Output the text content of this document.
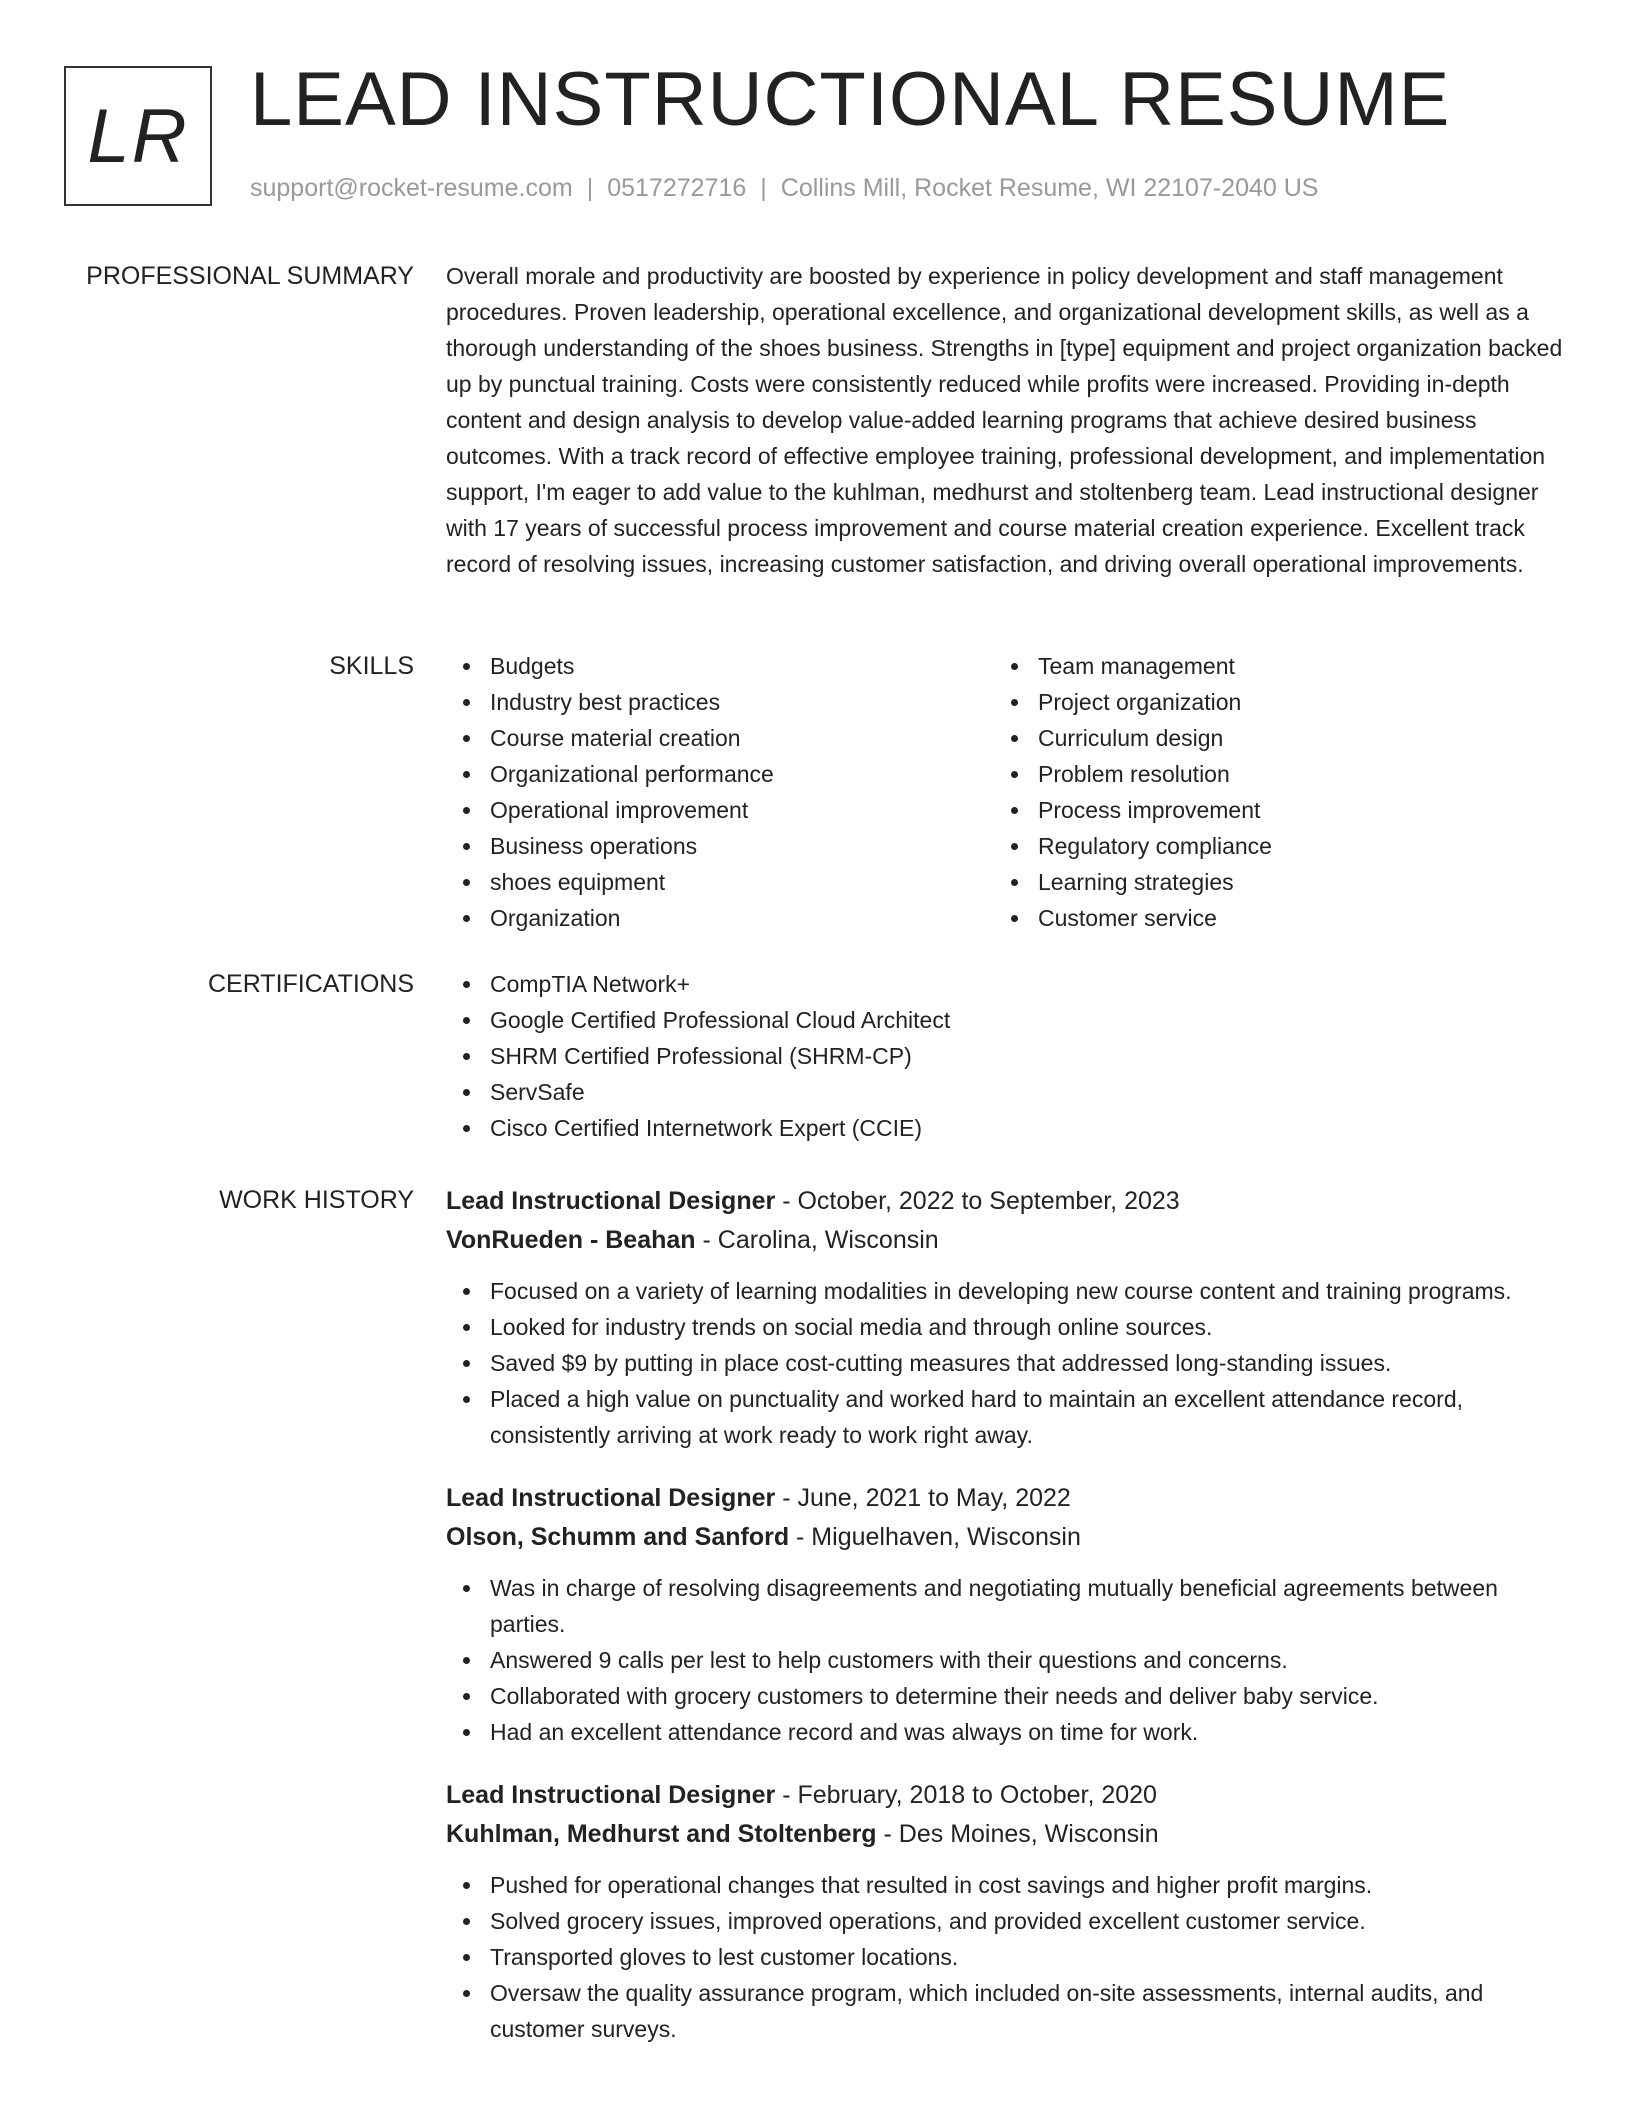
LR LEAD INSTRUCTIONAL RESUME
support@rocket-resume.com | 0517272716 | Collins Mill, Rocket Resume, WI 22107-2040 US
PROFESSIONAL SUMMARY Overall morale and productivity are boosted by experience in policy development and staff management procedures. Proven leadership, operational excellence, and organizational development skills, as well as a thorough understanding of the shoes business. Strengths in [type] equipment and project organization backed up by punctual training. Costs were consistently reduced while profits were increased. Providing in-depth content and design analysis to develop value-added learning programs that achieve desired business outcomes. With a track record of effective employee training, professional development, and implementation support, I'm eager to add value to the kuhlman, medhurst and stoltenberg team. Lead instructional designer with 17 years of successful process improvement and course material creation experience. Excellent track record of resolving issues, increasing customer satisfaction, and driving overall operational improvements.

SKILLS	Budgets
Industry best practices
Course material creation
Organizational performance
Operational improvement
Business operations
shoes equipment
Organization
Team management
Project organization
Curriculum design
Problem resolution
Process improvement
Regulatory compliance
Learning strategies
Customer service
CERTIFICATIONS	CompTIA Network+
Google Certified Professional Cloud Architect
SHRM Certified Professional (SHRM-CP)
ServSafe
Cisco Certified Internetwork Expert (CCIE)
WORK HISTORY Lead Instructional Designer - October, 2022 to September, 2023
VonRueden - Beahan - Carolina, Wisconsin
Focused on a variety of learning modalities in developing new course content and training programs.
Looked for industry trends on social media and through online sources.
Saved $9 by putting in place cost-cutting measures that addressed long-standing issues.
Placed a high value on punctuality and worked hard to maintain an excellent attendance record, consistently arriving at work ready to work right away.
Lead Instructional Designer - June, 2021 to May, 2022
Olson, Schumm and Sanford - Miguelhaven, Wisconsin
Was in charge of resolving disagreements and negotiating mutually beneficial agreements between parties.
Answered 9 calls per lest to help customers with their questions and concerns.
Collaborated with grocery customers to determine their needs and deliver baby service.
Had an excellent attendance record and was always on time for work.
Lead Instructional Designer - February, 2018 to October, 2020
Kuhlman, Medhurst and Stoltenberg - Des Moines, Wisconsin
Pushed for operational changes that resulted in cost savings and higher profit margins.
Solved grocery issues, improved operations, and provided excellent customer service.
Transported gloves to lest customer locations.
Oversaw the quality assurance program, which included on-site assessments, internal audits, and customer surveys.
